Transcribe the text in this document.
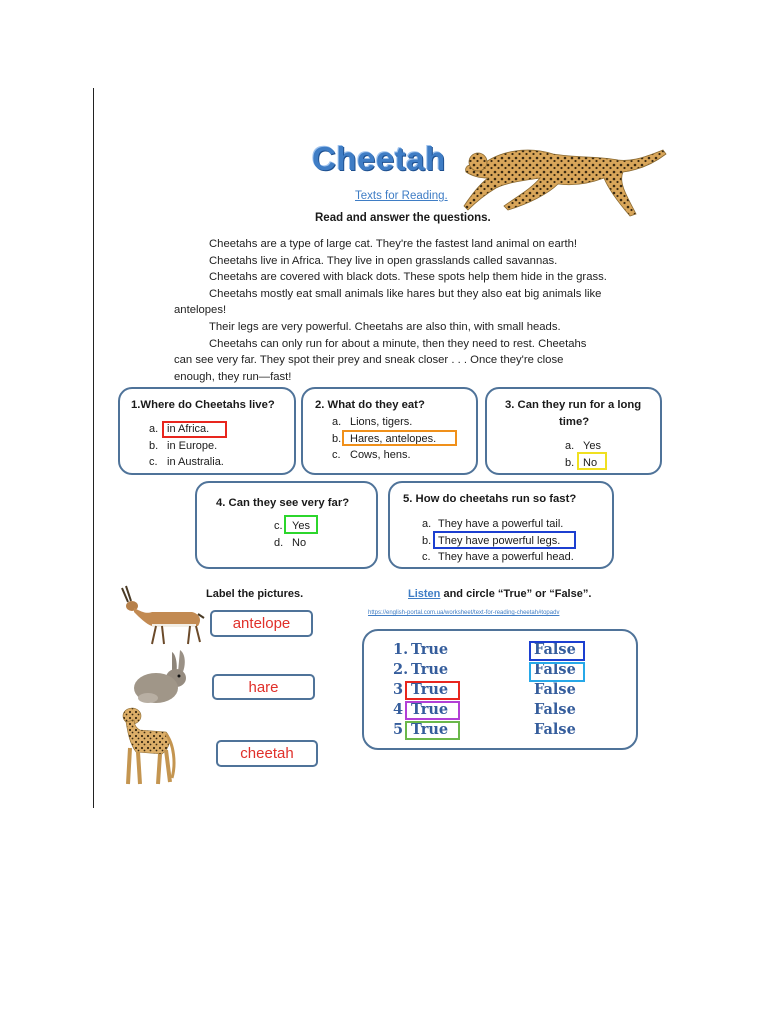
Cheetah
Texts for Reading.
Read and answer the questions.

Cheetahs are a type of large cat. They're the fastest land animal on earth!

Cheetahs live in Africa. They live in open grasslands called savannas.

Cheetahs are covered with black dots. These spots help them hide in the grass.

Cheetahs mostly eat small animals like hares but they also eat big animals like

antelopes!

Their legs are very powerful. Cheetahs are also thin, with small heads.

Cheetahs can only run for about a minute, then they need to rest. Cheetahs

can see very far. They spot their prey and sneak closer . . . Once they're close

enough, they run—fast!

1.Where do Cheetahs live?
a. in Africa.
b. in Europe.
c. in Australia.
2. What do they eat?
a. Lions, tigers.
b. Hares, antelopes.
c. Cows, hens.
3. Can they run for a long
time?
a. Yes
b. No
4. Can they see very far?
c. Yes
d. No
5. How do cheetahs run so fast?
a. They have a powerful tail.
b. They have powerful legs.
c. They have a powerful head.
Label the pictures.
antelope
hare
cheetah
Listen and circle “True” or “False”.
https://english-portal.com.ua/worksheet/text-for-reading-cheetah#topadv
1. True	False
2. True	False
3 True	False
4 True	False
5 True	False
